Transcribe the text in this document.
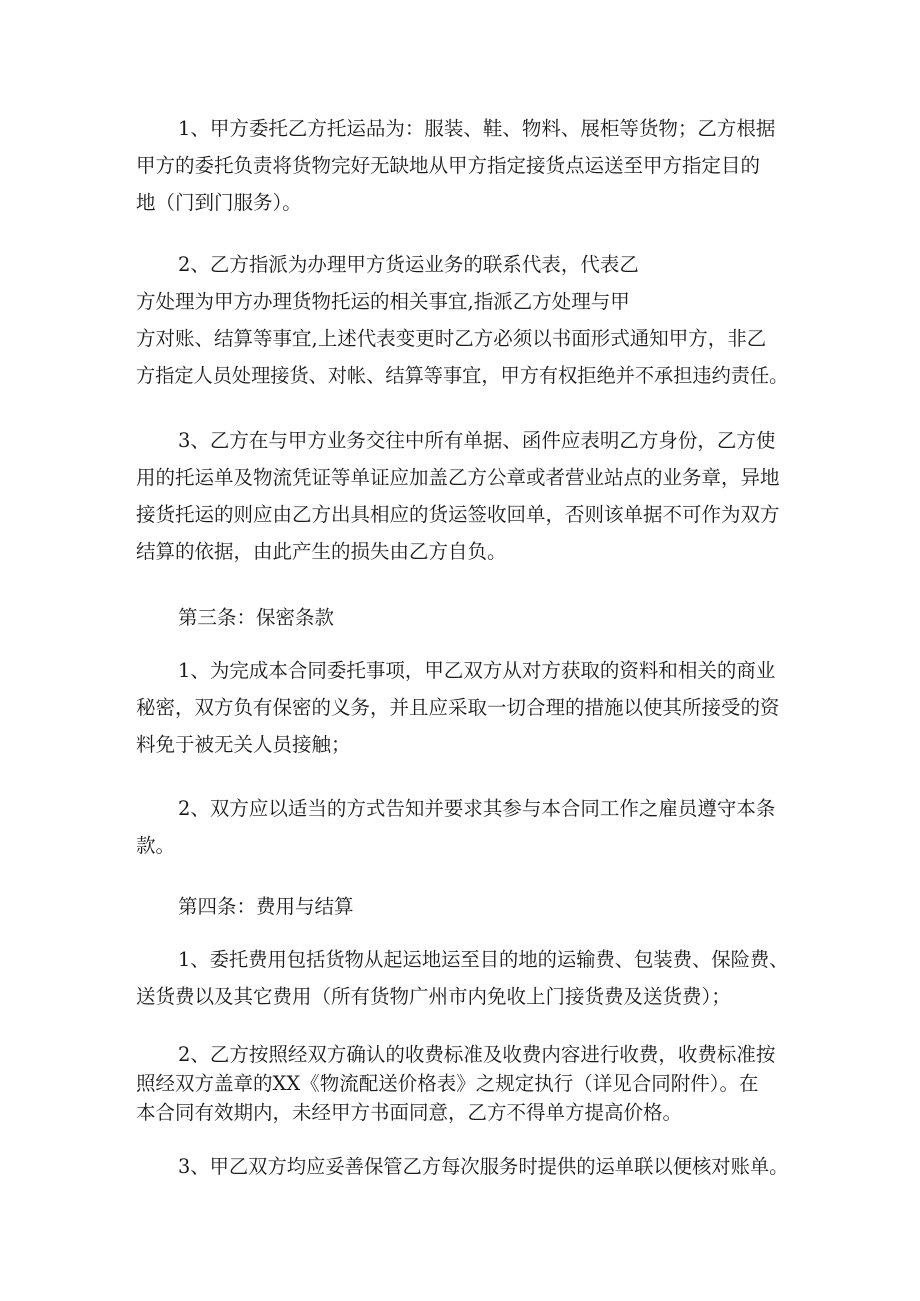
1、甲方委托乙方托运品为：服装、鞋、物料、展柜等货物；乙方根据
甲方的委托负责将货物完好无缺地从甲方指定接货点运送至甲方指定目的
地（门到门服务）。
2、乙方指派为办理甲方货运业务的联系代表，代表乙
方处理为甲方办理货物托运的相关事宜,指派乙方处理与甲
方对账、结算等事宜,上述代表变更时乙方必须以书面形式通知甲方，非乙
方指定人员处理接货、对帐、结算等事宜，甲方有权拒绝并不承担违约责任。
3、乙方在与甲方业务交往中所有单据、函件应表明乙方身份，乙方使
用的托运单及物流凭证等单证应加盖乙方公章或者营业站点的业务章，异地
接货托运的则应由乙方出具相应的货运签收回单，否则该单据不可作为双方
结算的依据，由此产生的损失由乙方自负。

第三条：保密条款

1、为完成本合同委托事项，甲乙双方从对方获取的资料和相关的商业
秘密，双方负有保密的义务，并且应采取一切合理的措施以使其所接受的资
料免于被无关人员接触；
2、双方应以适当的方式告知并要求其参与本合同工作之雇员遵守本条
款。

第四条：费用与结算

1、委托费用包括货物从起运地运至目的地的运输费、包装费、保险费、
送货费以及其它费用（所有货物广州市内免收上门接货费及送货费）；
2、乙方按照经双方确认的收费标准及收费内容进行收费，收费标准按
照经双方盖章的XX《物流配送价格表》之规定执行（详见合同附件）。在
本合同有效期内，未经甲方书面同意，乙方不得单方提高价格。
3、甲乙双方均应妥善保管乙方每次服务时提供的运单联以便核对账单。
